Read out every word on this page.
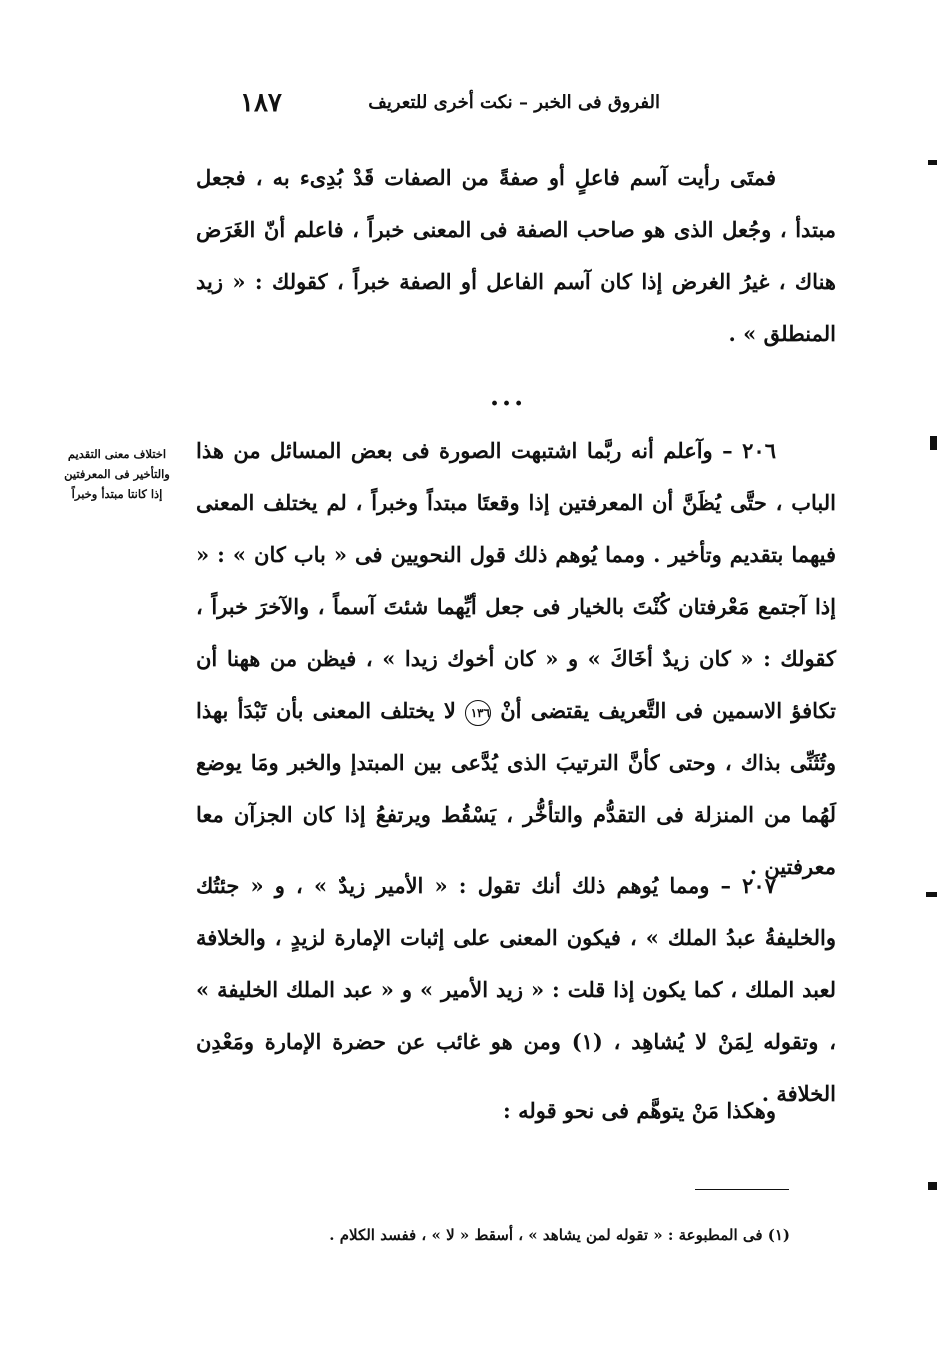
الفروق فى الخبر – نكت أخرى للتعريف
١٨٧

فمتَى رأيت آسم فاعلٍ أو صفةً من الصفات قَدْ بُدِىء به ، فجعل مبتدأ ، وجُعل الذى هو صاحب الصفة فى المعنى خبراً ، فاعلم أنّ الغَرَض هناك ، غيرُ الغرض إذا كان آسم الفاعل أو الصفة خبراً ، كقولك : « زيد المنطلق » .

...
اختلاف معنى التقديم
والتأخير فى المعرفتين
إذا كانتا مبتدأ وخبراً

٢٠٦ – وآعلم أنه ربَّما اشتبهت الصورة فى بعض المسائل من هذا الباب ، حتَّى يُظَنَّ أن المعرفتين إذا وقعتَا مبتداً وخبراً ، لم يختلف المعنى فيهما بتقديم وتأخير . ومما يُوهم ذلك قول النحويين فى « باب كان » : « إذا آجتمع مَعْرفتان كُنْتَ بالخيار فى جعل أيِّهما شئتَ آسماً ، والآخرَ خبراً ، كقولك : « كان زيدٌ أخَاكَ » و « كان أخوك زيدا » ، فيظن من ههنا أن تكافؤ الاسمين فى التَّعريف يقتضى أنْ ١٣٦ لا يختلف المعنى بأن تَبْدَأ بهذا وتُثَنِّى بذاك ، وحتى كأنَّ الترتيبَ الذى يُدَّعى بين المبتدإ والخبر ومَا يوضع لَهُما من المنزلة فى التقدُّم والتأخُّر ، يَسْقُط ويرتفعُ إذا كان الجزآن معا معرفتين .

٢٠٧ – ومما يُوهم ذلك أنك تقول : « الأمير زيدٌ » ، و « جئتُك والخليفةُ عبدُ الملك » ، فيكون المعنى على إثبات الإمارة لزيدٍ ، والخلافة لعبد الملك ، كما يكون إذا قلت : « زيد الأمير » و « عبد الملك الخليفة » ، وتقوله لِمَنْ لا يُشاهِد ، (١) ومن هو غائب عن حضرة الإمارة ومَعْدِن الخلافة .

وهكذا مَنْ يتوهَّم فى نحو قوله :

(١) فى المطبوعة : « تقوله لمن يشاهد » ، أسقط « لا » ، ففسد الكلام .
